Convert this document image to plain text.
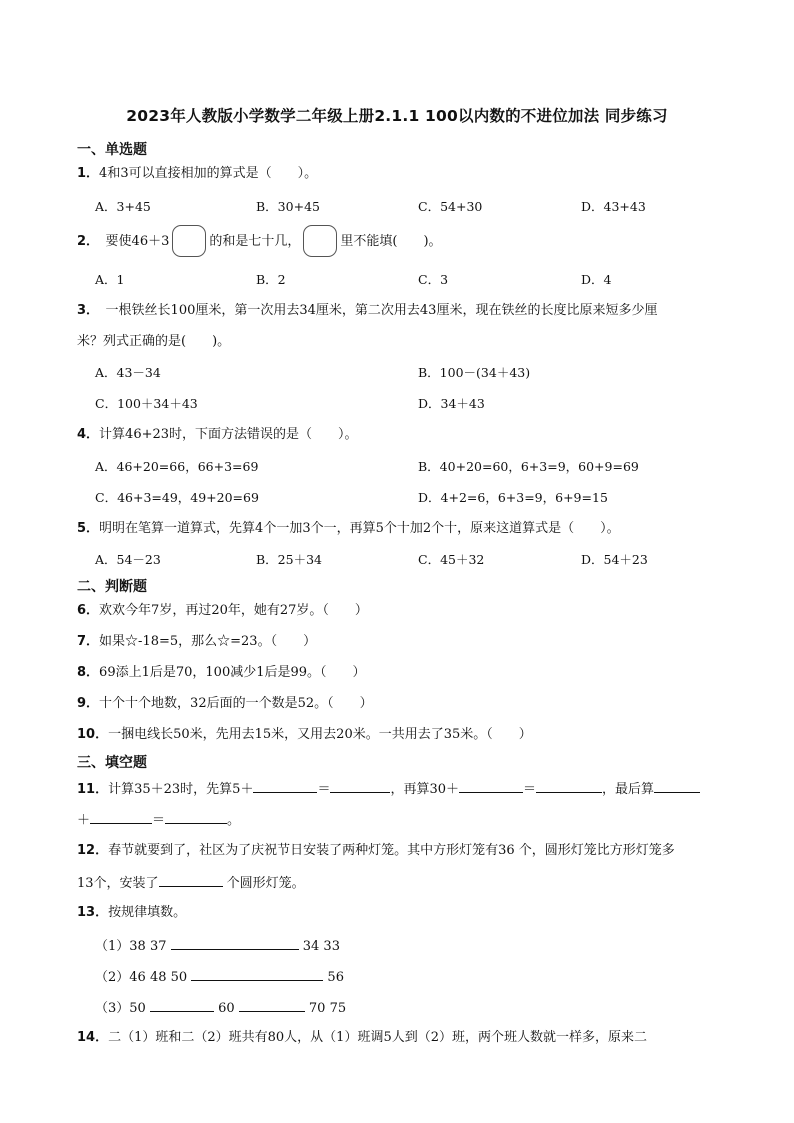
2023年人教版小学数学二年级上册2.1.1 100以内数的不进位加法 同步练习
一、单选题
1．4和3可以直接相加的算式是（　　）。
A．3+45	B．30+45	C．54+30	D．43+43
2．  要使46＋3	的和是七十几，	里不能填(　　)。
A．1	B．2	C．3	D．4
3．  一根铁丝长100厘米，第一次用去34厘米，第二次用去43厘米，现在铁丝的长度比原来短多少厘
米？列式正确的是(　　)。
A．43－34	B．100－(34＋43)
C．100＋34＋43	D．34＋43
4．计算46+23时，下面方法错误的是（　　）。
A．46+20=66，66+3=69	B．40+20=60，6+3=9，60+9=69
C．46+3=49，49+20=69	D．4+2=6，6+3=9，6+9=15
5．明明在笔算一道算式，先算4个一加3个一，再算5个十加2个十，原来这道算式是（　　）。
A．54－23	B．25＋34	C．45＋32	D．54＋23
二、判断题
6．欢欢今年7岁，再过20年，她有27岁。（　　）
7．如果☆-18=5，那么☆=23。（　　）
8．69添上1后是70，100减少1后是99。（　　）
9．十个十个地数，32后面的一个数是52。（　　）
10．一捆电线长50米，先用去15米，又用去20米。一共用去了35米。（　　）
三、填空题
11．计算35＋23时，先算5＋	＝	，再算30＋	＝	，最后算
＋	＝	。
12．春节就要到了，社区为了庆祝节日安装了两种灯笼。其中方形灯笼有36 个，圆形灯笼比方形灯笼多
13个，安装了	个圆形灯笼。
13．按规律填数。
（1）38 37	34 33
（2）46 48 50	56
（3）50	60	70 75
14．二（1）班和二（2）班共有80人，从（1）班调5人到（2）班，两个班人数就一样多，原来二
